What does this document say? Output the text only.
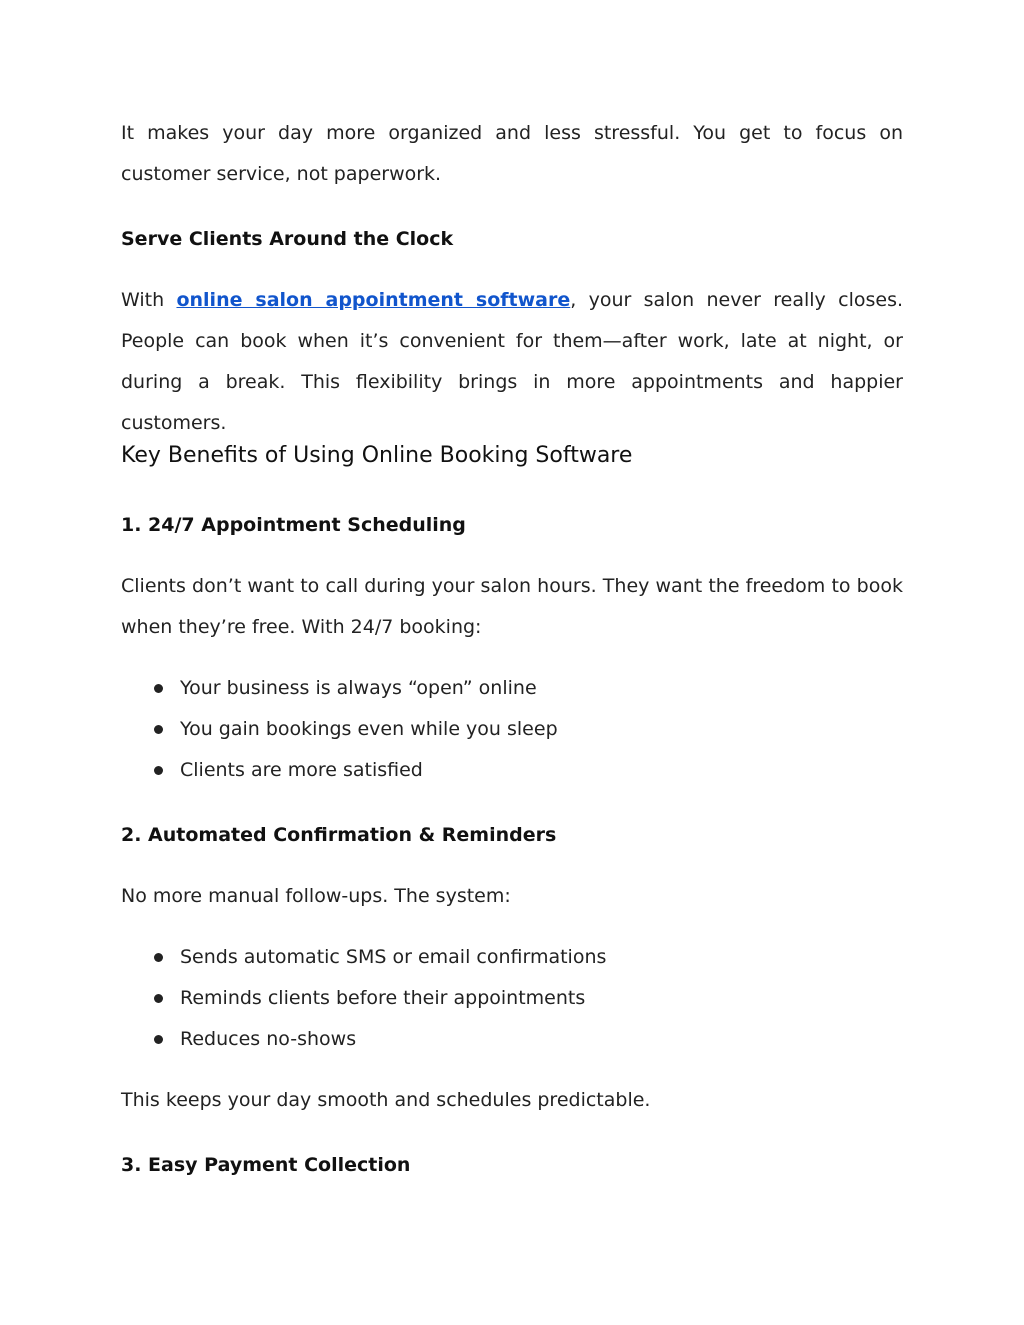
It makes your day more organized and less stressful. You get to focus on customer service, not paperwork.

Serve Clients Around the Clock

With online salon appointment software, your salon never really closes. People can book when it’s convenient for them—after work, late at night, or during a break. This flexibility brings in more appointments and happier customers.

Key Benefits of Using Online Booking Software
1. 24/7 Appointment Scheduling

Clients don’t want to call during your salon hours. They want the freedom to book when they’re free. With 24/7 booking:

Your business is always “open” online
You gain bookings even while you sleep
Clients are more satisfied
2. Automated Confirmation & Reminders

No more manual follow-ups. The system:

Sends automatic SMS or email confirmations
Reminds clients before their appointments
Reduces no-shows

This keeps your day smooth and schedules predictable.

3. Easy Payment Collection
